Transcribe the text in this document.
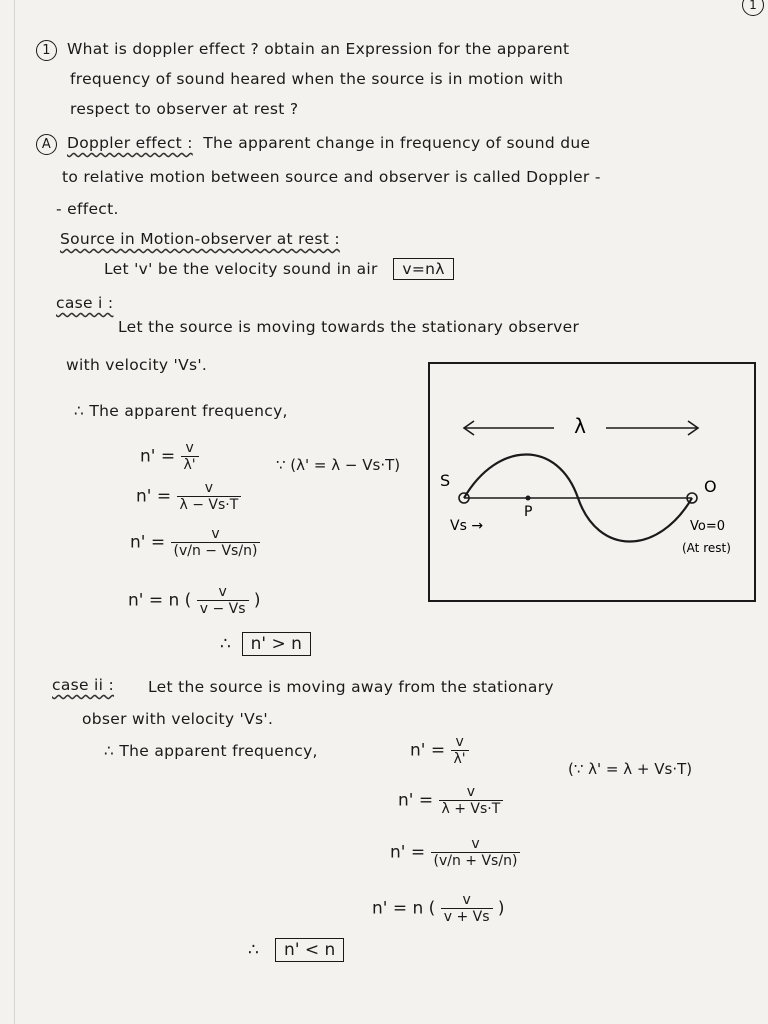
1
1 What is doppler effect ? obtain an Expression for the apparent
frequency of sound heared when the source is in motion with
respect to observer at rest ?
A Doppler effect : The apparent change in frequency of sound due
to relative motion between source and observer is called Doppler -
- effect.
Source in Motion-observer at rest :
Let 'v' be the velocity sound in air v=nλ
case i :
Let the source is moving towards the stationary observer
with velocity 'Vs'.
∴ The apparent frequency,
$n' = \frac{v}{\lambda'}$	∵ (λ' = λ − Vs·T)
$n' = \frac{v}{\lambda - Vs\cdot T}$
$n' = \frac{v}{(v/n - Vs/n)}$
n' = n ( $\frac{v}{v - Vs}$ )
∴ n' > n
λ
S	O
P
Vs →	Vo=0
(At rest)
case ii : Let the source is moving away from the stationary
obser with velocity 'Vs'.
∴ The apparent frequency,	$n' = \frac{v}{\lambda'}$
(∵ λ' = λ + Vs·T)
$n' = \frac{v}{\lambda + Vs\cdot T}$
$n' = \frac{v}{(v/n + Vs/n)}$
n' = n ( $\frac{v}{v + Vs}$ )
∴ n' < n
